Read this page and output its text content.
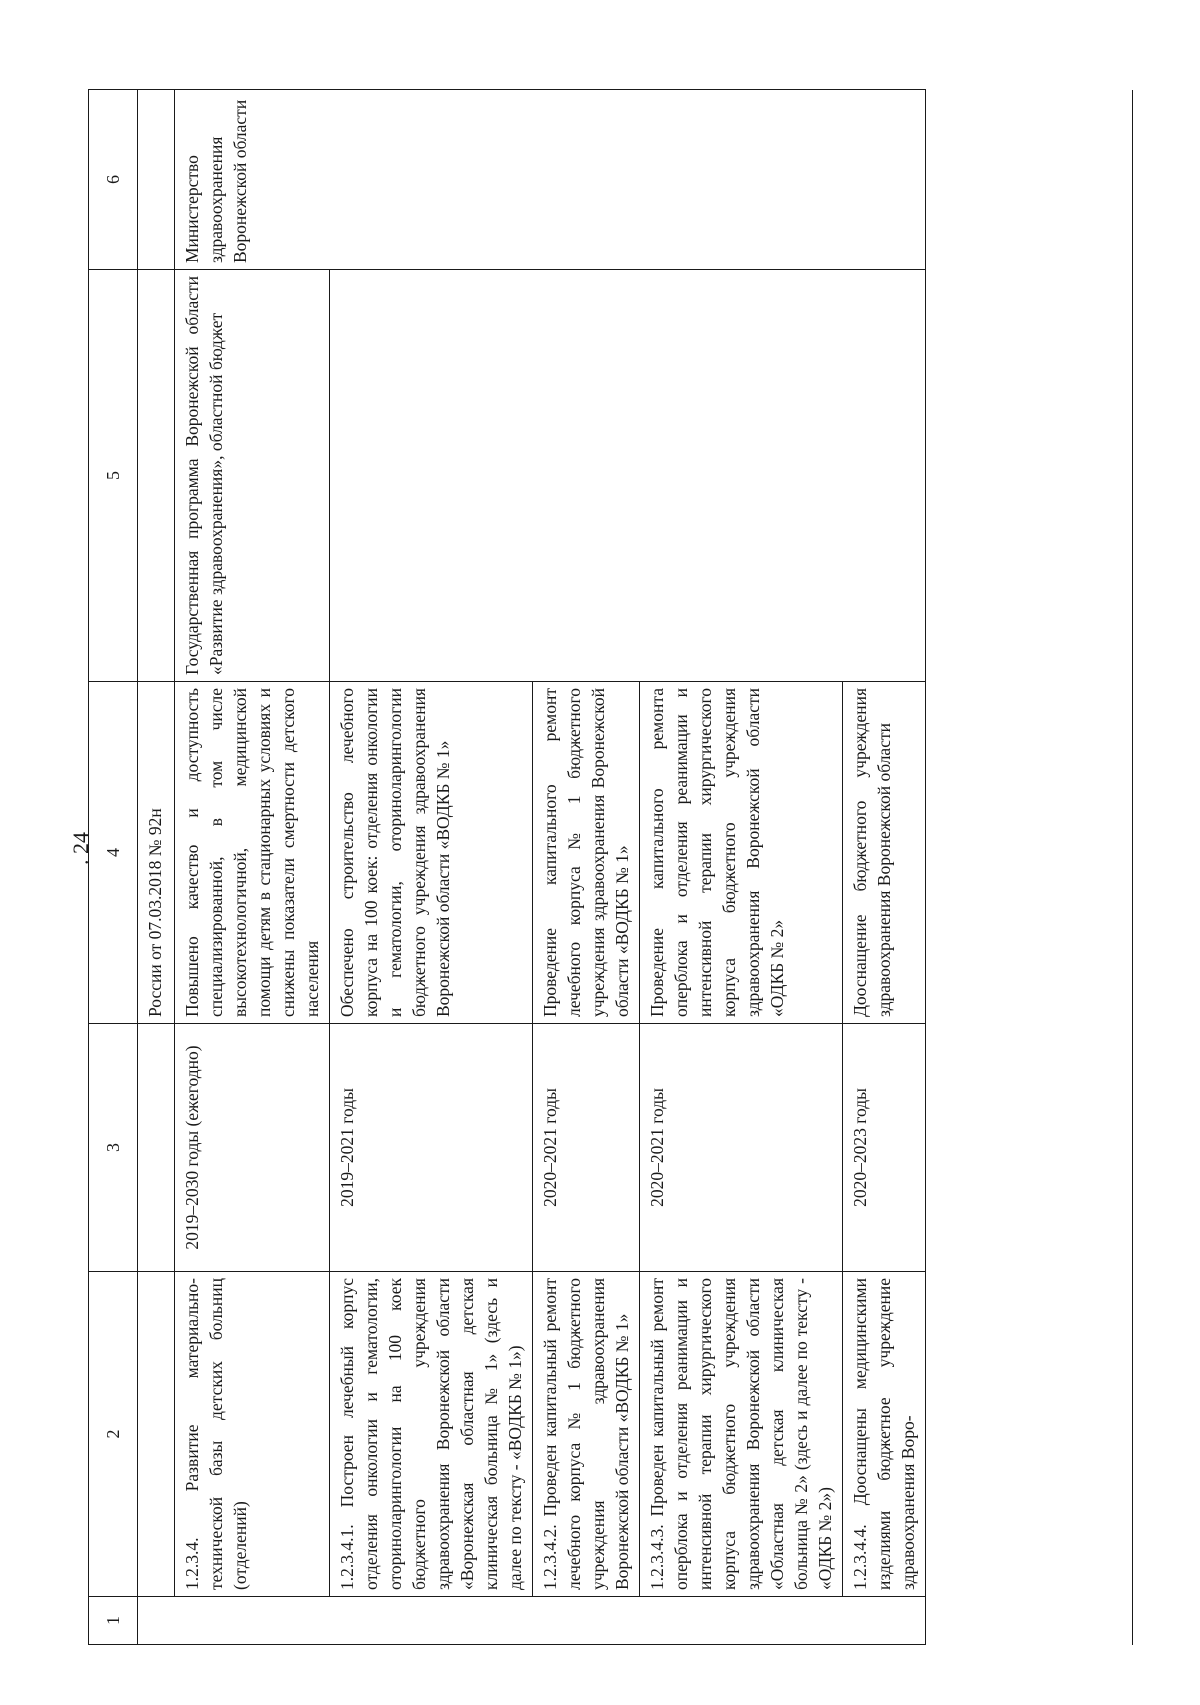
. 24
1	2	3	4	5	6
			России от 07.03.2018 № 92н		
	1.2.3.4. Развитие материально-технической базы детских больниц (отделений)	2019–2030 годы (ежегодно)	Повышено качество и доступность специализированной, в том числе высокотехнологичной, медицинской помощи детям в стационарных условиях и снижены показатели смертности детского населения	Государственная программа Воронежской области «Развитие здравоохранения», областной бюджет	Министерство здравоохранения Воронежской области
	1.2.3.4.1. Построен лечебный корпус отделения онкологии и гематологии, оториноларингологии на 100 коек бюджетного учреждения здравоохранения Воронежской области «Воронежская областная детская клиническая больница № 1» (здесь и далее по тексту - «ВОДКБ № 1»)	2019–2021 годы	Обеспечено строительство лечебного корпуса на 100 коек: отделения онкологии и гематологии, оториноларингологии бюджетного учреждения здравоохранения Воронежской области «ВОДКБ № 1»		
	1.2.3.4.2. Проведен капитальный ремонт лечебного корпуса № 1 бюджетного учреждения здравоохранения Воронежской области «ВОДКБ № 1»	2020–2021 годы	Проведение капитального ремонт лечебного корпуса № 1 бюджетного учреждения здравоохранения Воронежской области «ВОДКБ № 1»		
	1.2.3.4.3. Проведен капитальный ремонт оперблока и отделения реанимации и интенсивной терапии хирургического корпуса бюджетного учреждения здравоохранения Воронежской области «Областная детская клиническая больница № 2» (здесь и далее по тексту - «ОДКБ № 2»)	2020–2021 годы	Проведение капитального ремонта оперблока и отделения реанимации и интенсивной терапии хирургического корпуса бюджетного учреждения здравоохранения Воронежской области «ОДКБ № 2»		
	1.2.3.4.4. Дооснащены медицинскими изделиями бюджетное учреждение здравоохранения Воро-	2020–2023 годы	Дооснащение бюджетного учреждения здравоохранения Воронежской области		
